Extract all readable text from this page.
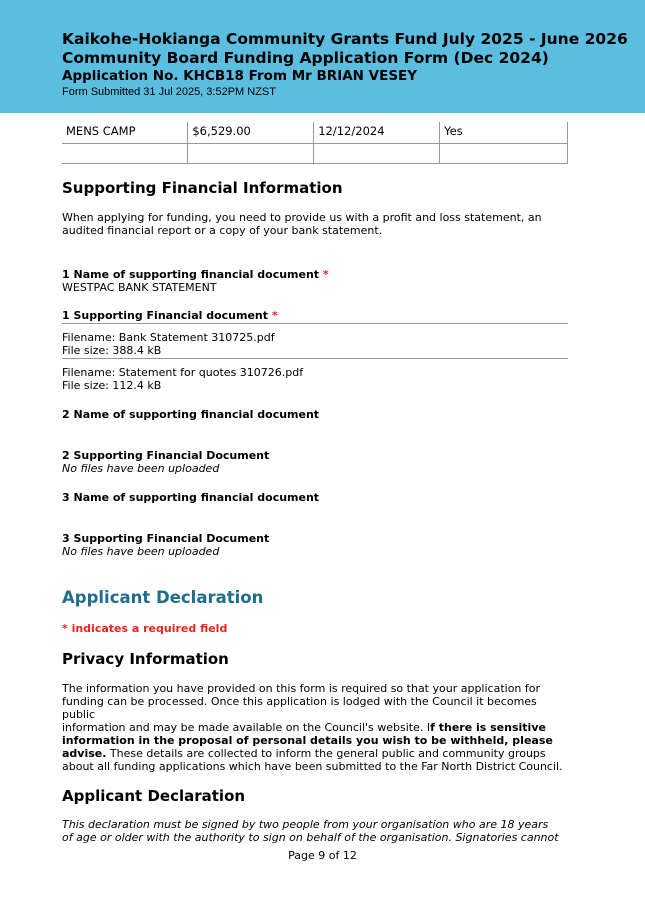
Kaikohe-Hokianga Community Grants Fund July 2025 - June 2026
Community Board Funding Application Form (Dec 2024)
Application No. KHCB18 From Mr BRIAN VESEY
Form Submitted 31 Jul 2025, 3:52PM NZST
MENS CAMP	$6,529.00	12/12/2024	Yes

Supporting Financial Information
When applying for funding, you need to provide us with a profit and loss statement, an
audited financial report or a copy of your bank statement.
1 Name of supporting financial document *
WESTPAC BANK STATEMENT
1 Supporting Financial document *
Filename: Bank Statement 310725.pdf
File size: 388.4 kB
Filename: Statement for quotes 310726.pdf
File size: 112.4 kB
2 Name of supporting financial document
2 Supporting Financial Document
No files have been uploaded
3 Name of supporting financial document
3 Supporting Financial Document
No files have been uploaded
Applicant Declaration
* indicates a required field
Privacy Information
The information you have provided on this form is required so that your application for
funding can be processed. Once this application is lodged with the Council it becomes public
information and may be made available on the Council's website. If there is sensitive
information in the proposal of personal details you wish to be withheld, please
advise. These details are collected to inform the general public and community groups
about all funding applications which have been submitted to the Far North District Council.
Applicant Declaration
This declaration must be signed by two people from your organisation who are 18 years
of age or older with the authority to sign on behalf of the organisation. Signatories cannot
Page 9 of 12
